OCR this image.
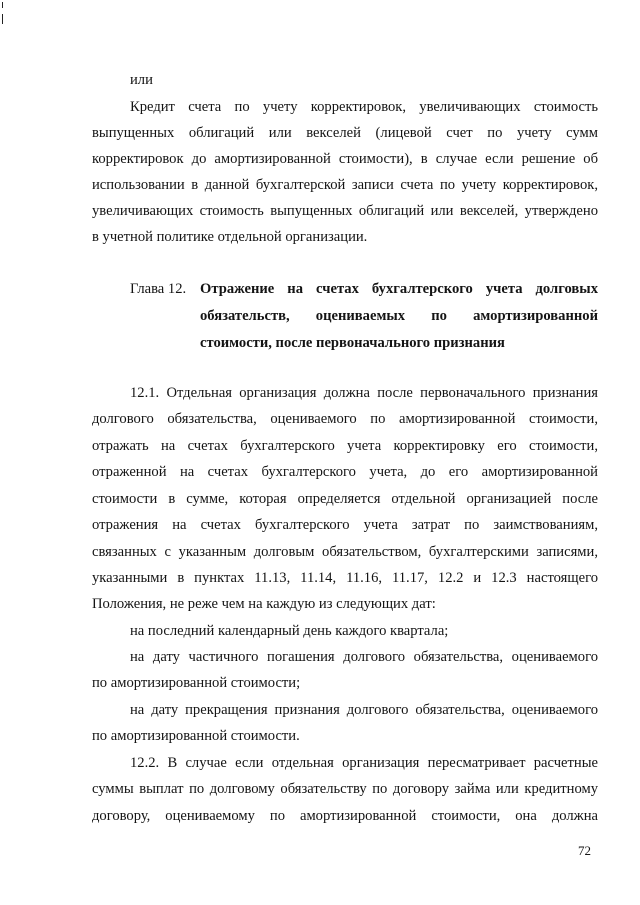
или
Кредит счета по учету корректировок, увеличивающих стоимость
выпущенных облигаций или векселей (лицевой счет по учету сумм
корректировок до амортизированной стоимости), в случае если решение об
использовании в данной бухгалтерской записи счета по учету корректировок,
увеличивающих стоимость выпущенных облигаций или векселей, утверждено
в учетной политике отдельной организации.
Глава 12. Отражение на счетах бухгалтерского учета долговых
обязательств, оцениваемых по амортизированной
стоимости, после первоначального признания
12.1. Отдельная организация должна после первоначального признания
долгового обязательства, оцениваемого по амортизированной стоимости,
отражать на счетах бухгалтерского учета корректировку его стоимости,
отраженной на счетах бухгалтерского учета, до его амортизированной
стоимости в сумме, которая определяется отдельной организацией после
отражения на счетах бухгалтерского учета затрат по заимствованиям,
связанных с указанным долговым обязательством, бухгалтерскими записями,
указанными в пунктах 11.13, 11.14, 11.16, 11.17, 12.2 и 12.3 настоящего
Положения, не реже чем на каждую из следующих дат:
на последний календарный день каждого квартала;
на дату частичного погашения долгового обязательства, оцениваемого
по амортизированной стоимости;
на дату прекращения признания долгового обязательства, оцениваемого
по амортизированной стоимости.
12.2. В случае если отдельная организация пересматривает расчетные
суммы выплат по долговому обязательству по договору займа или кредитному
договору, оцениваемому по амортизированной стоимости, она должна
72
